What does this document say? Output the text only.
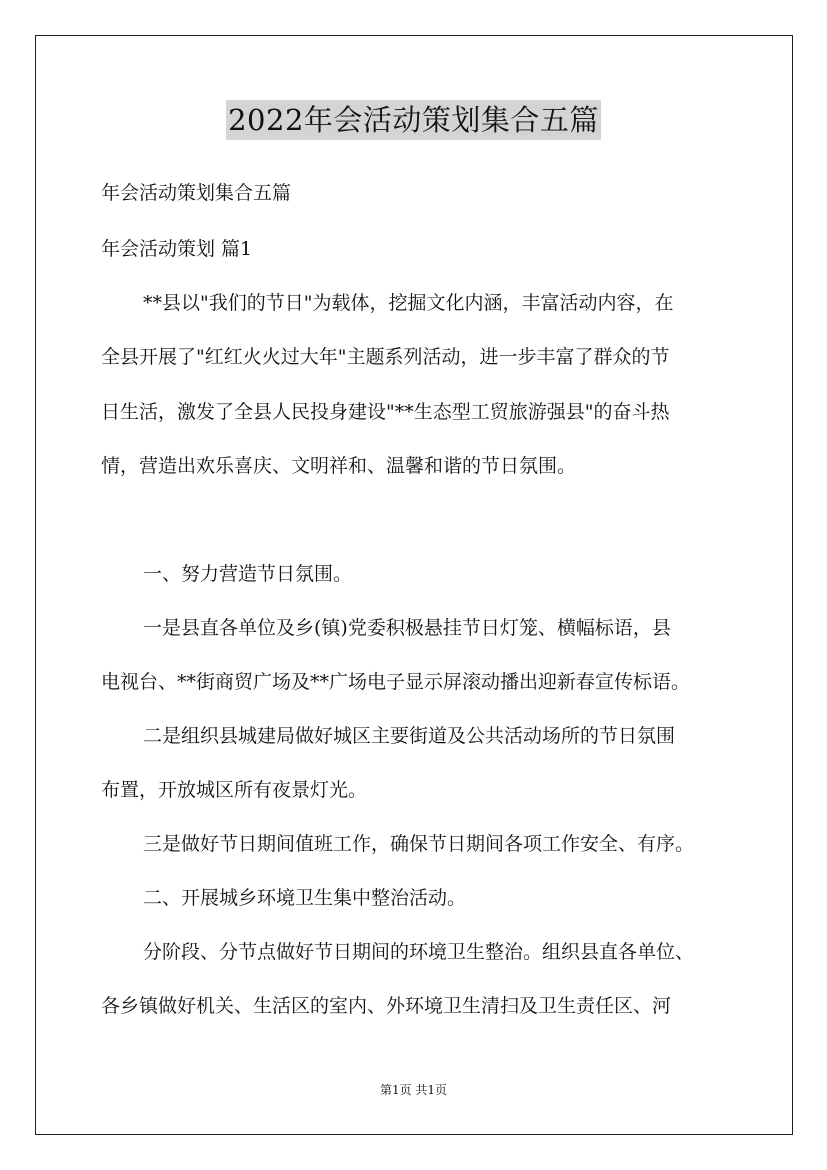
2022年会活动策划集合五篇
年会活动策划集合五篇
年会活动策划 篇1
**县以"我们的节日"为载体，挖掘文化内涵，丰富活动内容，在
全县开展了"红红火火过大年"主题系列活动，进一步丰富了群众的节
日生活，激发了全县人民投身建设"**生态型工贸旅游强县"的奋斗热
情，营造出欢乐喜庆、文明祥和、温馨和谐的节日氛围。
一、努力营造节日氛围。
一是县直各单位及乡(镇)党委积极悬挂节日灯笼、横幅标语，县
电视台、**街商贸广场及**广场电子显示屏滚动播出迎新春宣传标语。
二是组织县城建局做好城区主要街道及公共活动场所的节日氛围
布置，开放城区所有夜景灯光。
三是做好节日期间值班工作，确保节日期间各项工作安全、有序。
二、开展城乡环境卫生集中整治活动。
分阶段、分节点做好节日期间的环境卫生整治。组织县直各单位、
各乡镇做好机关、生活区的室内、外环境卫生清扫及卫生责任区、河
第1页 共1页
